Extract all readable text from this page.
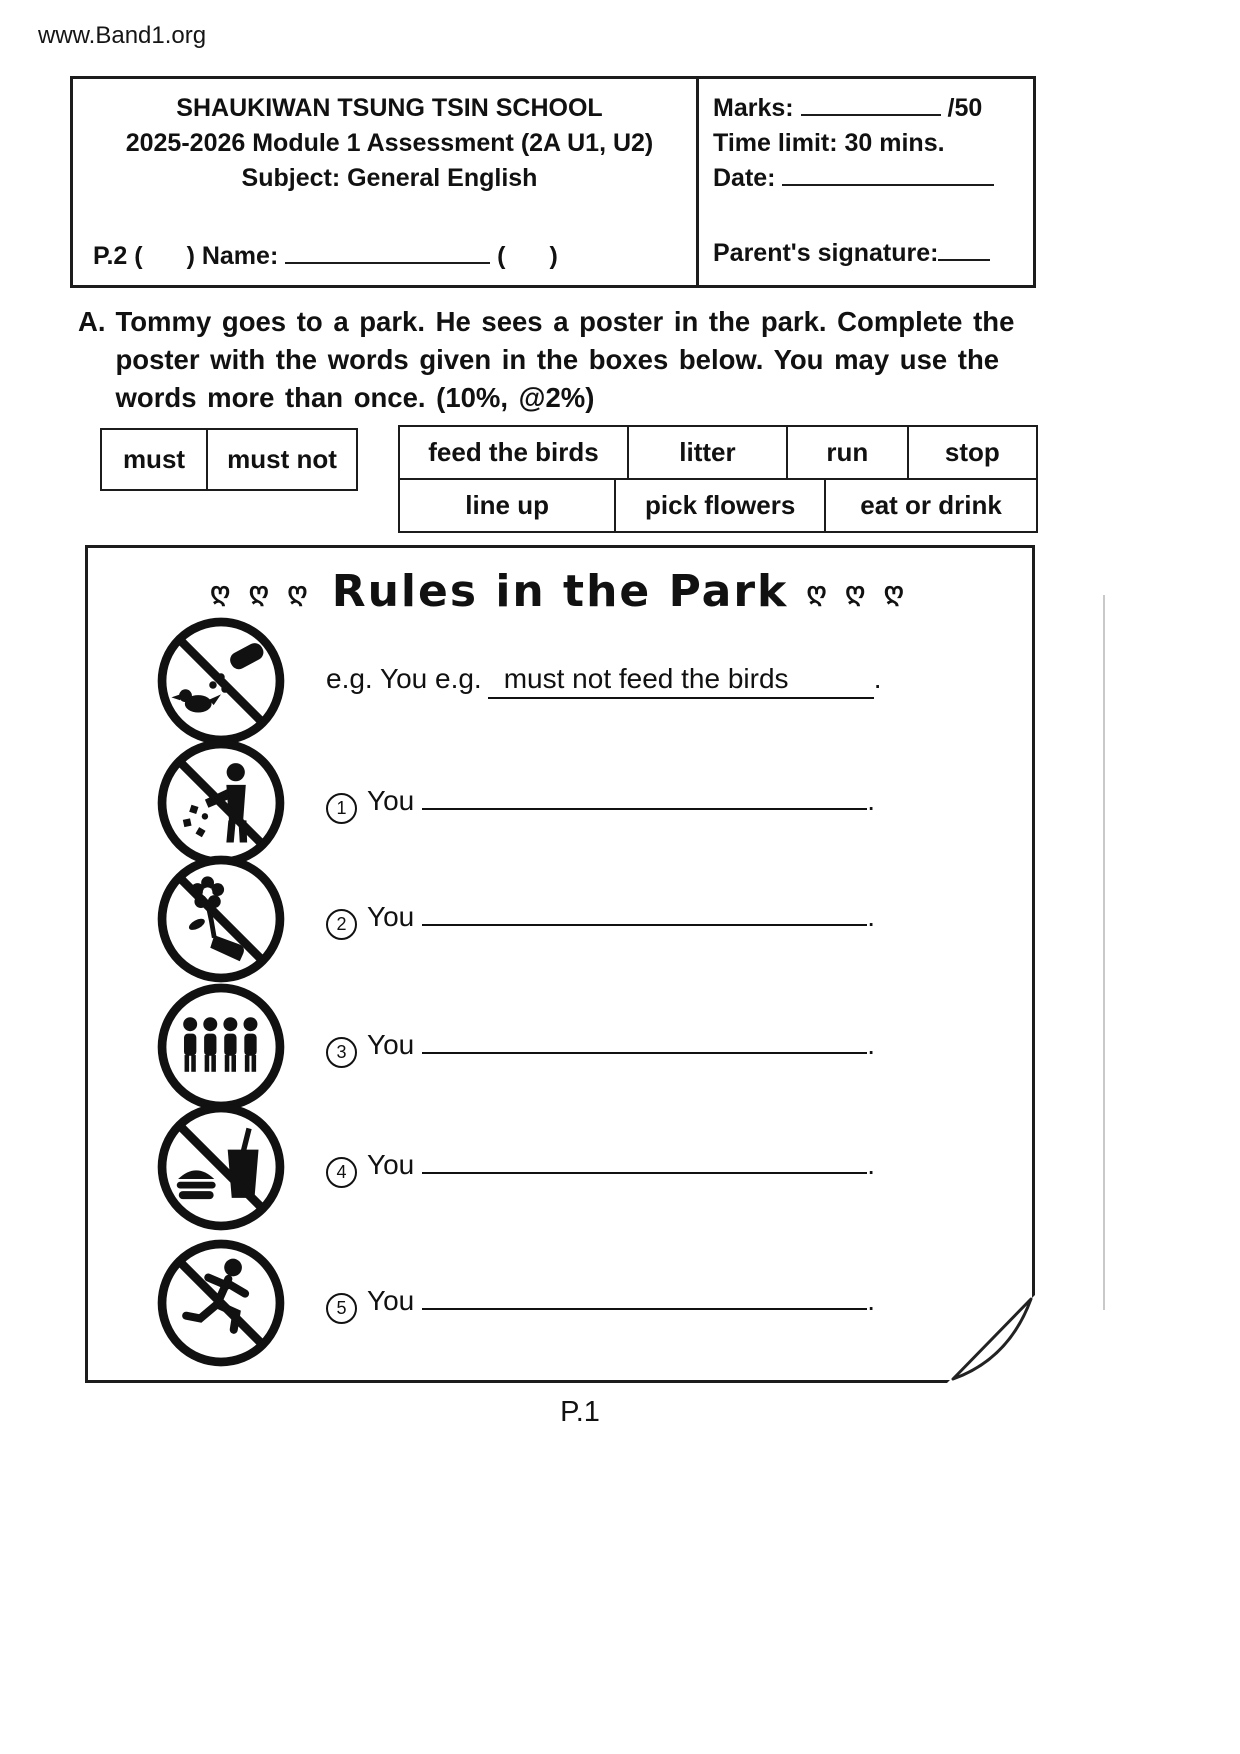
www.Band1.org
SHAUKIWAN TSUNG TSIN SCHOOL
2025-2026 Module 1 Assessment (2A U1, U2)
Subject: General English
P.2 ( ) Name:	( )
Marks:	/50
Time limit: 30 mins.
Date:
Parent's signature:
A. Tommy goes to a park. He sees a poster in the park. Complete the poster with the words given in the boxes below. You may use the words more than once. (10%, @2%)

must	must not	feed the birds	litter	run	stop
line up	pick flowers	eat or drink
ღ ღ ღ Rules in the Park ღ ღ ღ
e.g. You e.g. must not feed the birds	.
1 You	.
2 You	.
3 You	.
4 You	.
5 You	.
P.1
